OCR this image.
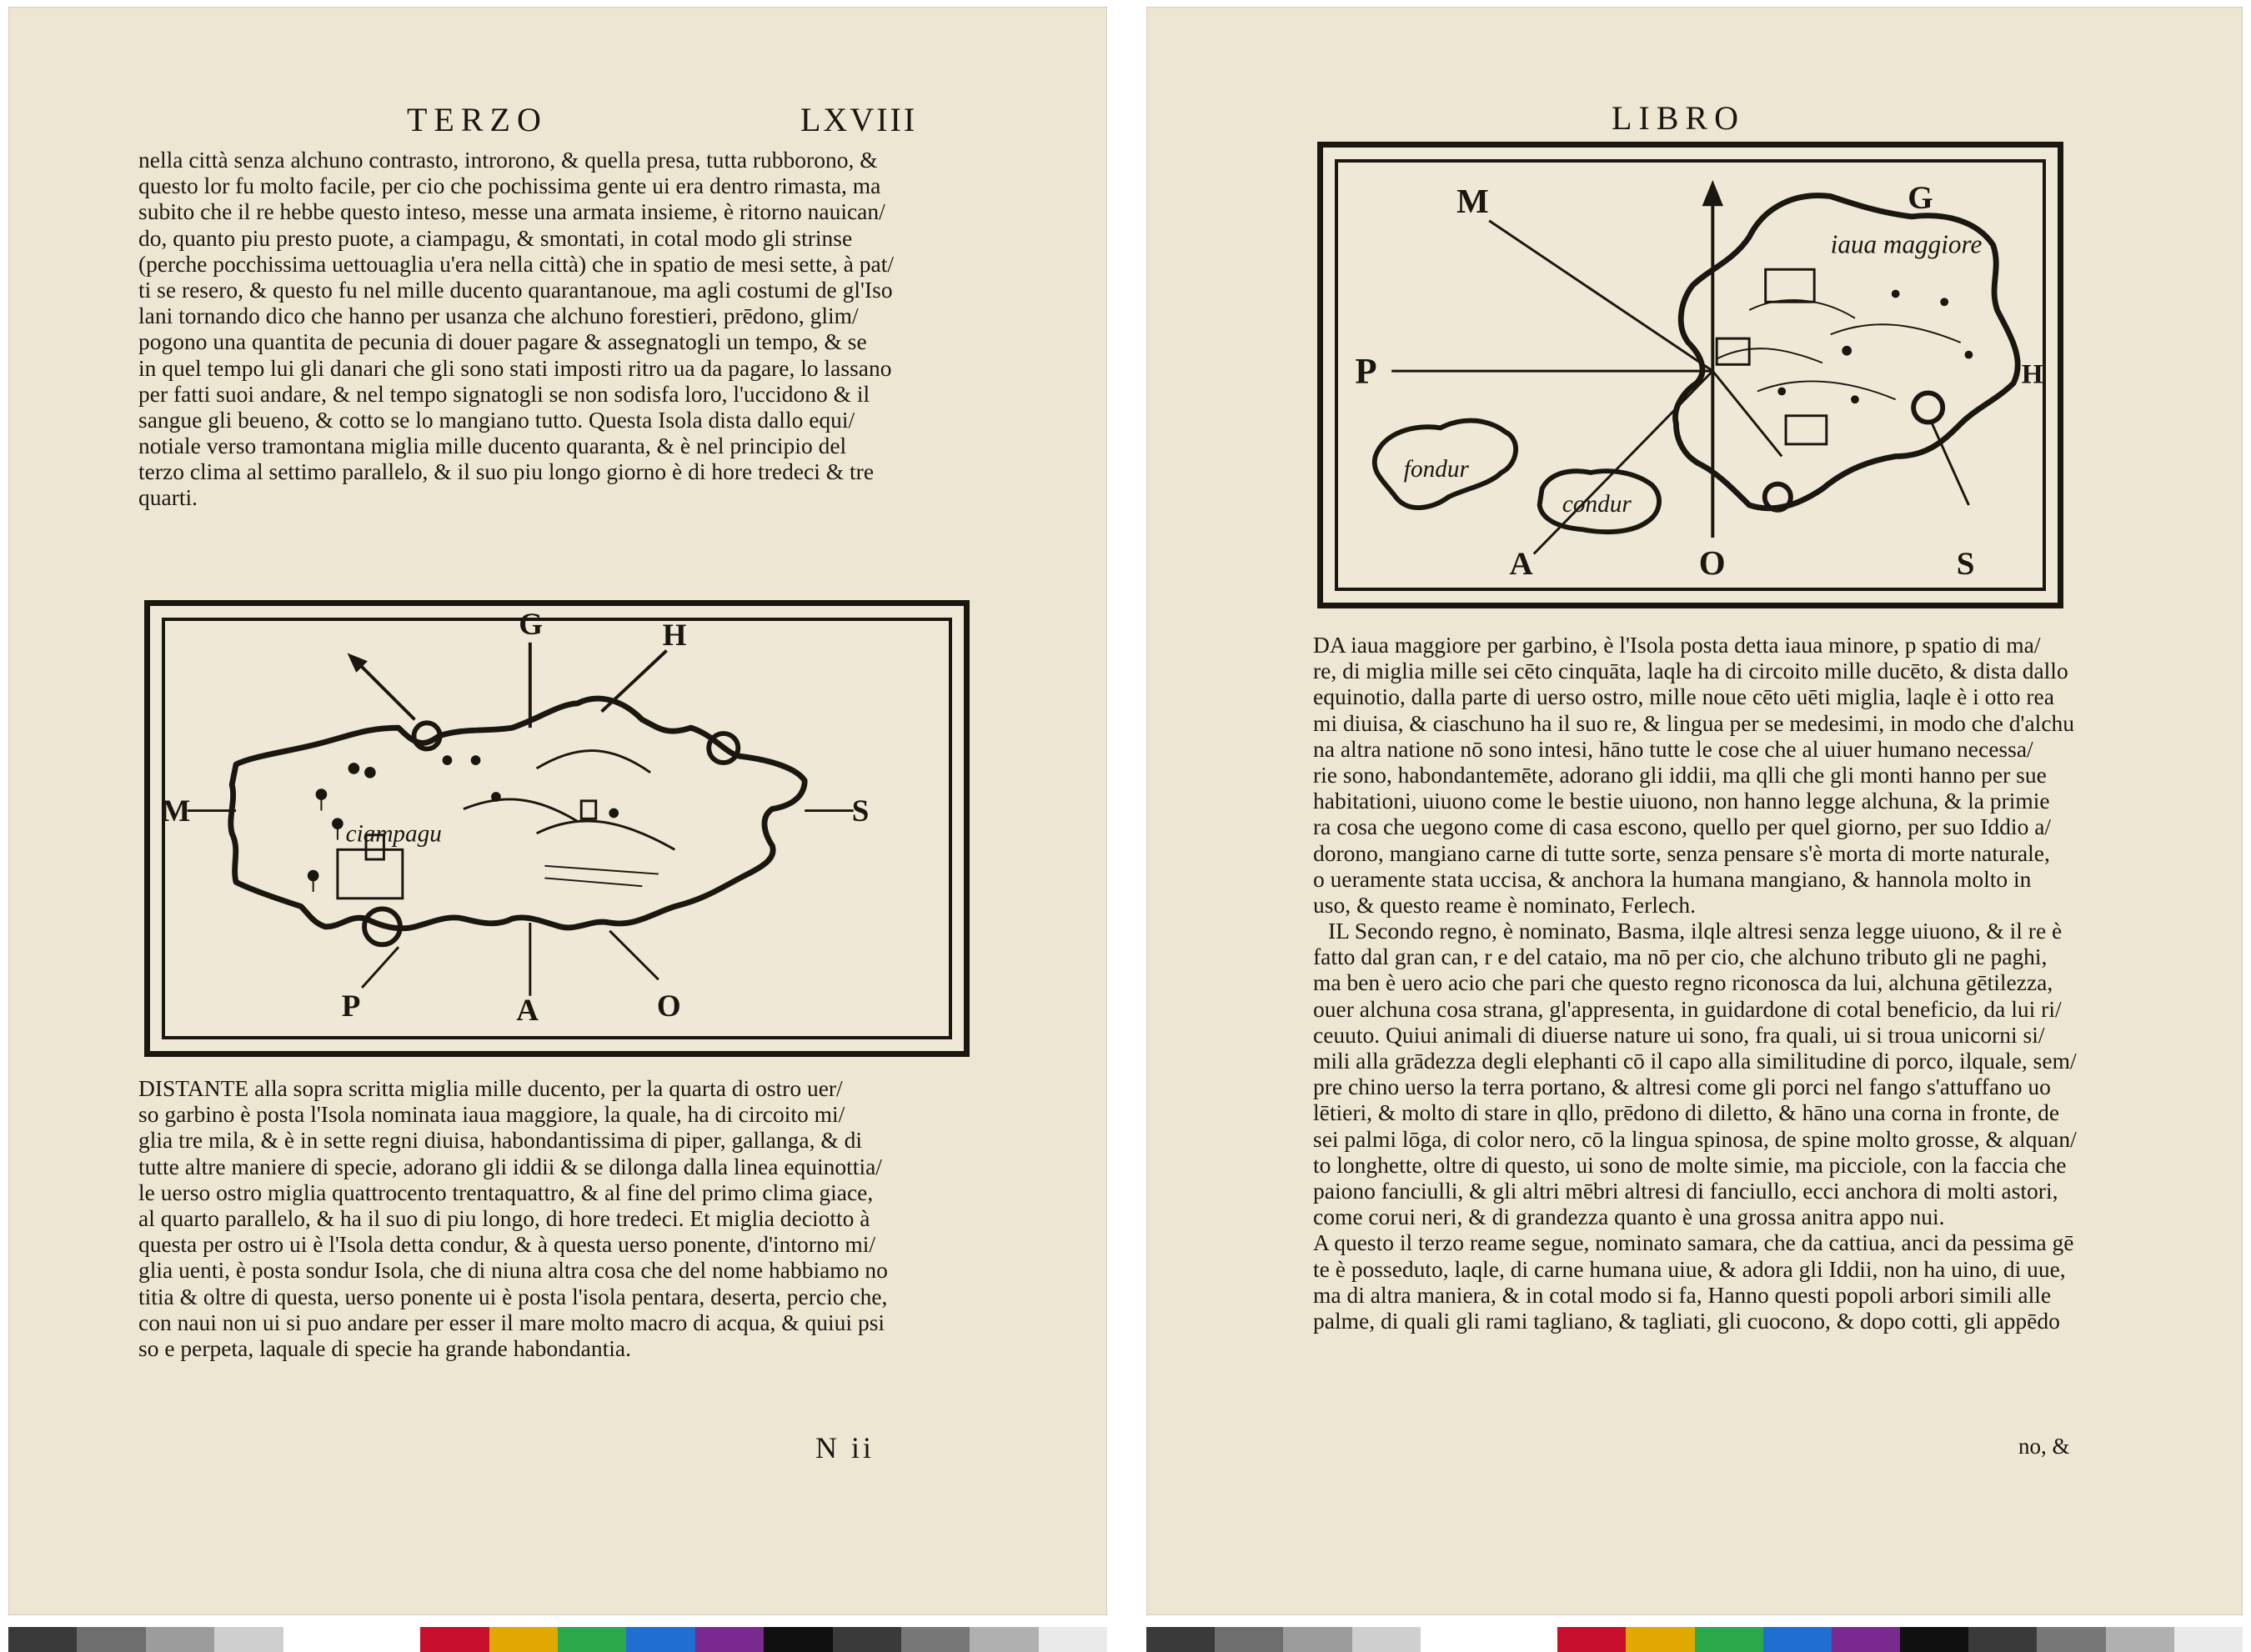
TERZO	LXVIII
nella città senza alchuno contrasto, introrono, & quella presa, tutta rubborono, &
questo lor fu molto facile, per cio che pochissima gente ui era dentro rimasta, ma
subito che il re hebbe questo inteso, messe una armata insieme, è ritorno nauican/
do, quanto piu presto puote, a ciampagu, & smontati, in cotal modo gli strinse
(perche pocchissima uettouaglia u'era nella città) che in spatio de mesi sette, à pat/
ti se resero, & questo fu nel mille ducento quarantanoue, ma agli costumi de gl'Iso
lani tornando dico che hanno per usanza che alchuno forestieri, prēdono, glim/
pogono una quantita de pecunia di douer pagare & assegnatogli un tempo, & se
in quel tempo lui gli danari che gli sono stati imposti ritro ua da pagare, lo lassano
per fatti suoi andare, & nel tempo signatogli se non sodisfa loro, l'uccidono & il
sangue gli beueno, & cotto se lo mangiano tutto. Questa Isola dista dallo equi/
notiale verso tramontana miglia mille ducento quaranta, & è nel principio del
terzo clima al settimo parallelo, & il suo piu longo giorno è di hore tredeci & tre
quarti.
ciampagu
G	H
M	S
P	A	O
DISTANTE alla sopra scritta miglia mille ducento, per la quarta di ostro uer/
so garbino è posta l'Isola nominata iaua maggiore, la quale, ha di circoito mi/
glia tre mila, & è in sette regni diuisa, habondantissima di piper, gallanga, & di
tutte altre maniere di specie, adorano gli iddii & se dilonga dalla linea equinottia/
le uerso ostro miglia quattrocento trentaquattro, & al fine del primo clima giace,
al quarto parallelo, & ha il suo di piu longo, di hore tredeci. Et miglia deciotto à
questa per ostro ui è l'Isola detta condur, & à questa uerso ponente, d'intorno mi/
glia uenti, è posta sondur Isola, che di niuna altra cosa che del nome habbiamo no
titia & oltre di questa, uerso ponente ui è posta l'isola pentara, deserta, percio che,
con naui non ui si puo andare per esser il mare molto macro di acqua, & quiui psi
so e perpeta, laquale di specie ha grande habondantia.
N ii
LIBRO
iaua maggiore
fondur
condur
M	G
P	H
A	O	S
DA iaua maggiore per garbino, è l'Isola posta detta iaua minore, p spatio di ma/
re, di miglia mille sei cēto cinquāta, laqle ha di circoito mille ducēto, & dista dallo
equinotio, dalla parte di uerso ostro, mille noue cēto uēti miglia, laqle è i otto rea
mi diuisa, & ciaschuno ha il suo re, & lingua per se medesimi, in modo che d'alchu
na altra natione nō sono intesi, hāno tutte le cose che al uiuer humano necessa/
rie sono, habondantemēte, adorano gli iddii, ma qlli che gli monti hanno per sue
habitationi, uiuono come le bestie uiuono, non hanno legge alchuna, & la primie
ra cosa che uegono come di casa escono, quello per quel giorno, per suo Iddio a/
dorono, mangiano carne di tutte sorte, senza pensare s'è morta di morte naturale,
o ueramente stata uccisa, & anchora la humana mangiano, & hannola molto in
uso, & questo reame è nominato, Ferlech.
IL Secondo regno, è nominato, Basma, ilqle altresi senza legge uiuono, & il re è
fatto dal gran can, r e del cataio, ma nō per cio, che alchuno tributo gli ne paghi,
ma ben è uero acio che pari che questo regno riconosca da lui, alchuna gētilezza,
ouer alchuna cosa strana, gl'appresenta, in guidardone di cotal beneficio, da lui ri/
ceuuto. Quiui animali di diuerse nature ui sono, fra quali, ui si troua unicorni si/
mili alla grādezza degli elephanti cō il capo alla similitudine di porco, ilquale, sem/
pre chino uerso la terra portano, & altresi come gli porci nel fango s'attuffano uo
lētieri, & molto di stare in qllo, prēdono di diletto, & hāno una corna in fronte, de
sei palmi lōga, di color nero, cō la lingua spinosa, de spine molto grosse, & alquan/
to longhette, oltre di questo, ui sono de molte simie, ma picciole, con la faccia che
paiono fanciulli, & gli altri mēbri altresi di fanciullo, ecci anchora di molti astori,
come corui neri, & di grandezza quanto è una grossa anitra appo nui.
A questo il terzo reame segue, nominato samara, che da cattiua, anci da pessima gē
te è posseduto, laqle, di carne humana uiue, & adora gli Iddii, non ha uino, di uue,
ma di altra maniera, & in cotal modo si fa, Hanno questi popoli arbori simili alle
palme, di quali gli rami tagliano, & tagliati, gli cuocono, & dopo cotti, gli appēdo
no, &
